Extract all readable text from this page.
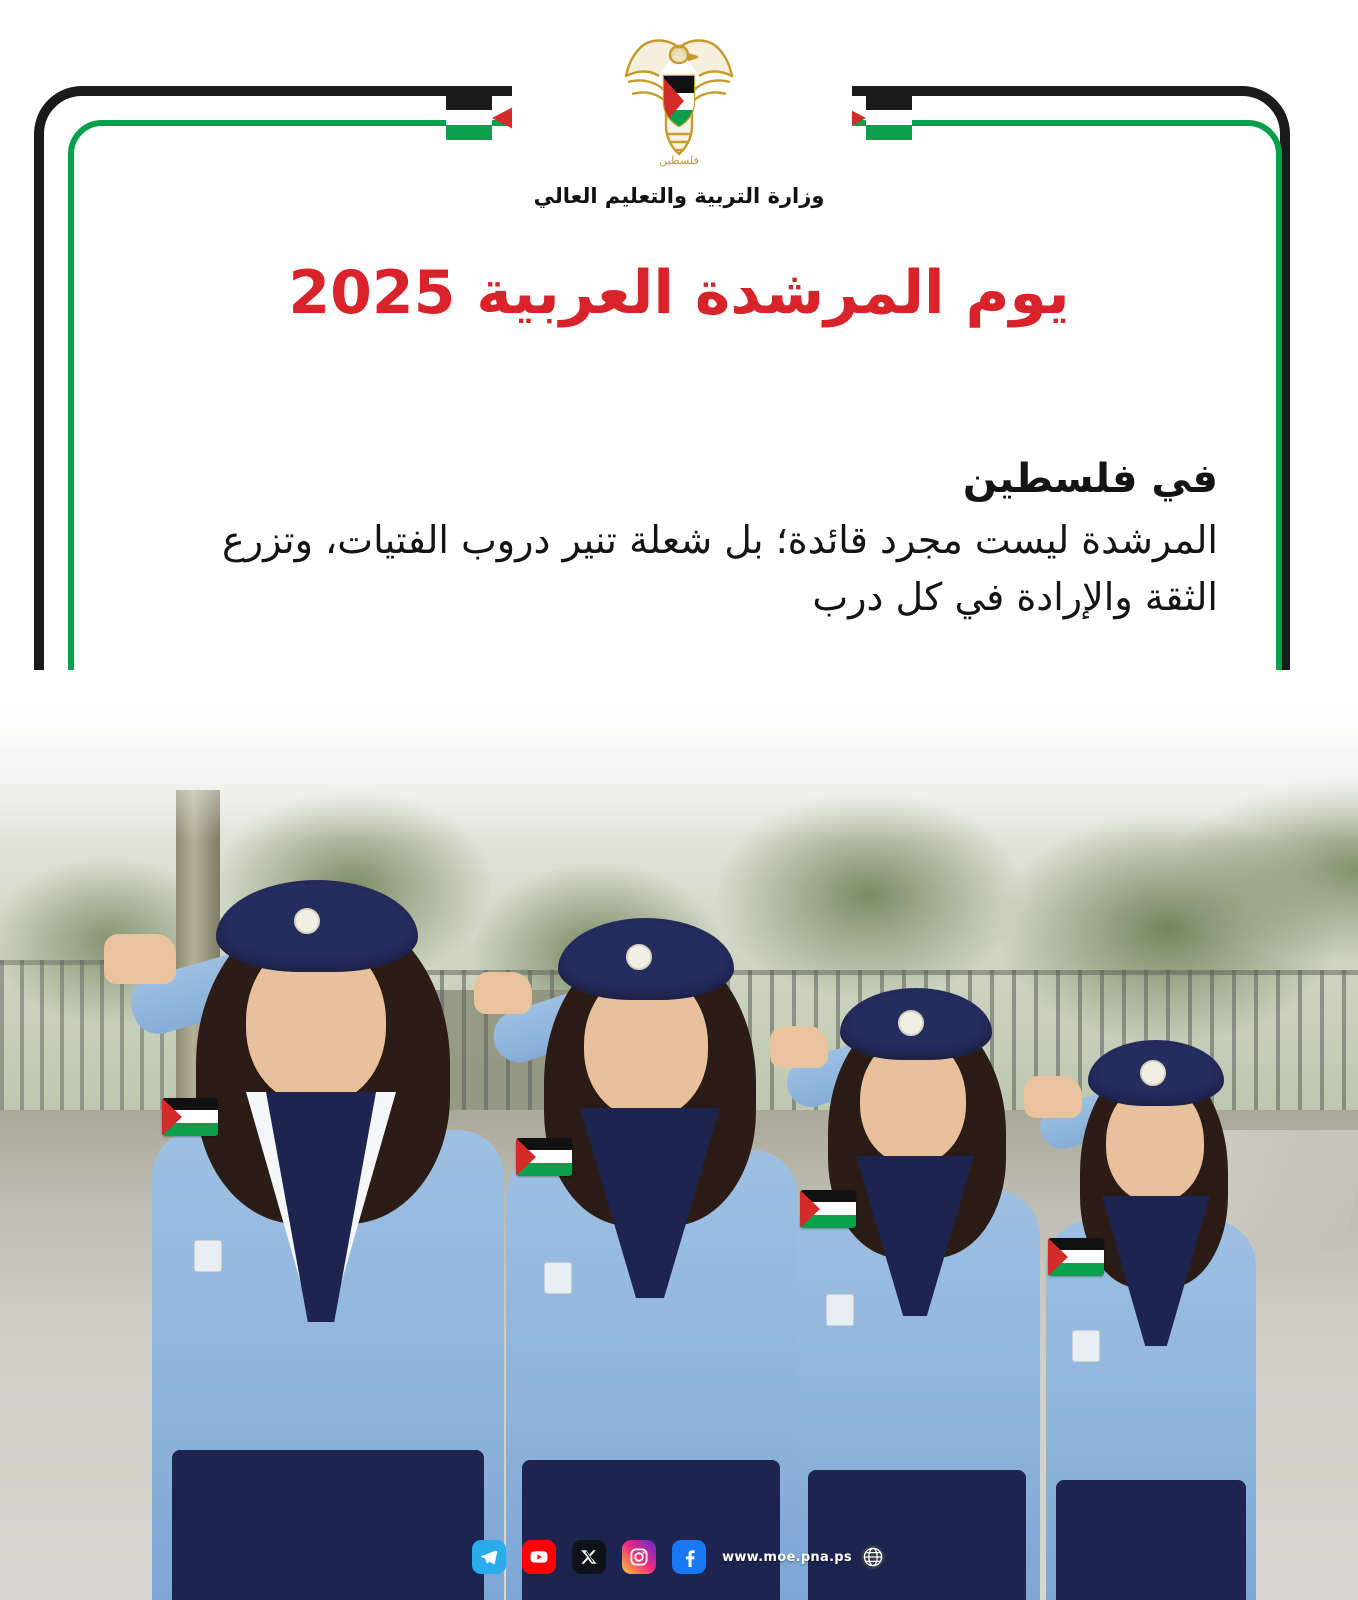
فلسطين
وزارة التربية والتعليم العالي
يوم المرشدة العربية 2025
في فلسطين
المرشدة ليست مجرد قائدة؛ بل شعلة تنير دروب الفتيات، وتزرع الثقة والإرادة في كل درب
www.moe.pna.ps
